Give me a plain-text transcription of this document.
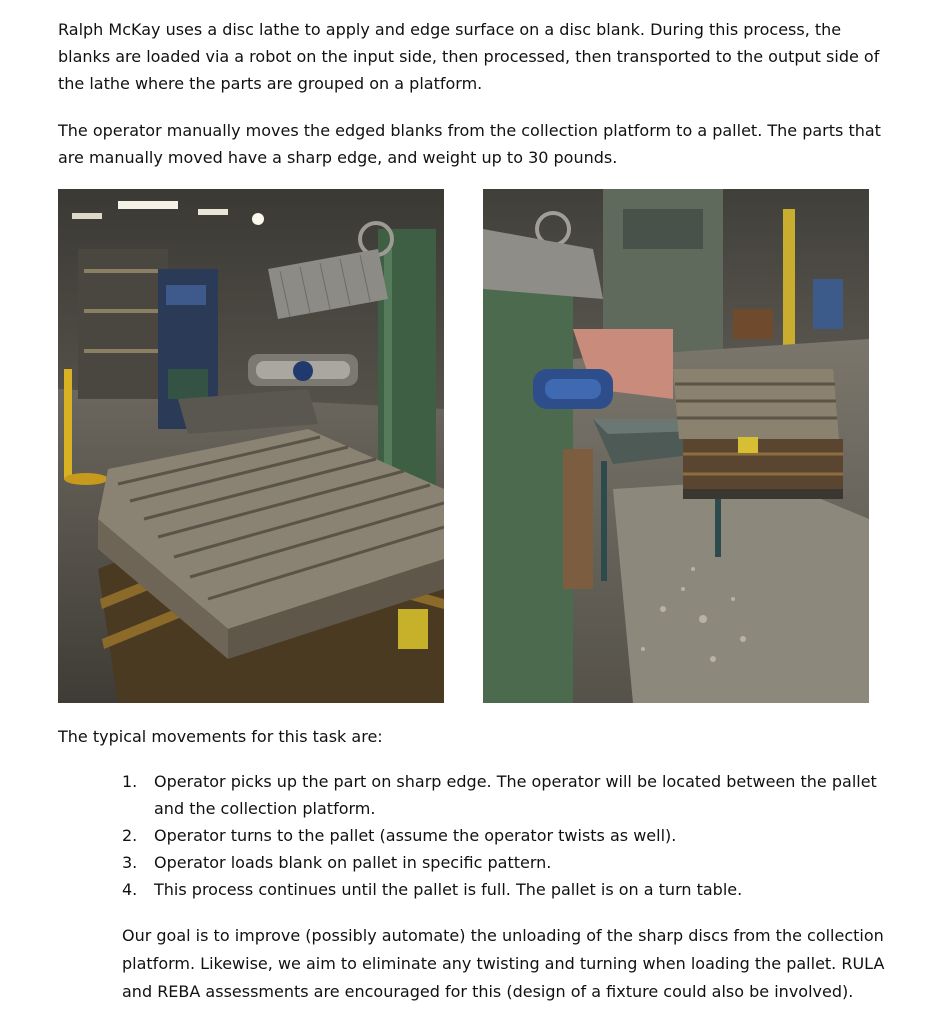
Ralph McKay uses a disc lathe to apply and edge surface on a disc blank. During this process, the blanks are loaded via a robot on the input side, then processed, then transported to the output side of the lathe where the parts are grouped on a platform.

The operator manually moves the edged blanks from the collection platform to a pallet. The parts that are manually moved have a sharp edge, and weight up to 30 pounds.

The typical movements for this task are:

1. Operator picks up the part on sharp edge. The operator will be located between the pallet and the collection platform.
2. Operator turns to the pallet (assume the operator twists as well).
3. Operator loads blank on pallet in specific pattern.
4. This process continues until the pallet is full. The pallet is on a turn table.

Our goal is to improve (possibly automate) the unloading of the sharp discs from the collection platform. Likewise, we aim to eliminate any twisting and turning when loading the pallet. RULA and REBA assessments are encouraged for this (design of a fixture could also be involved).
